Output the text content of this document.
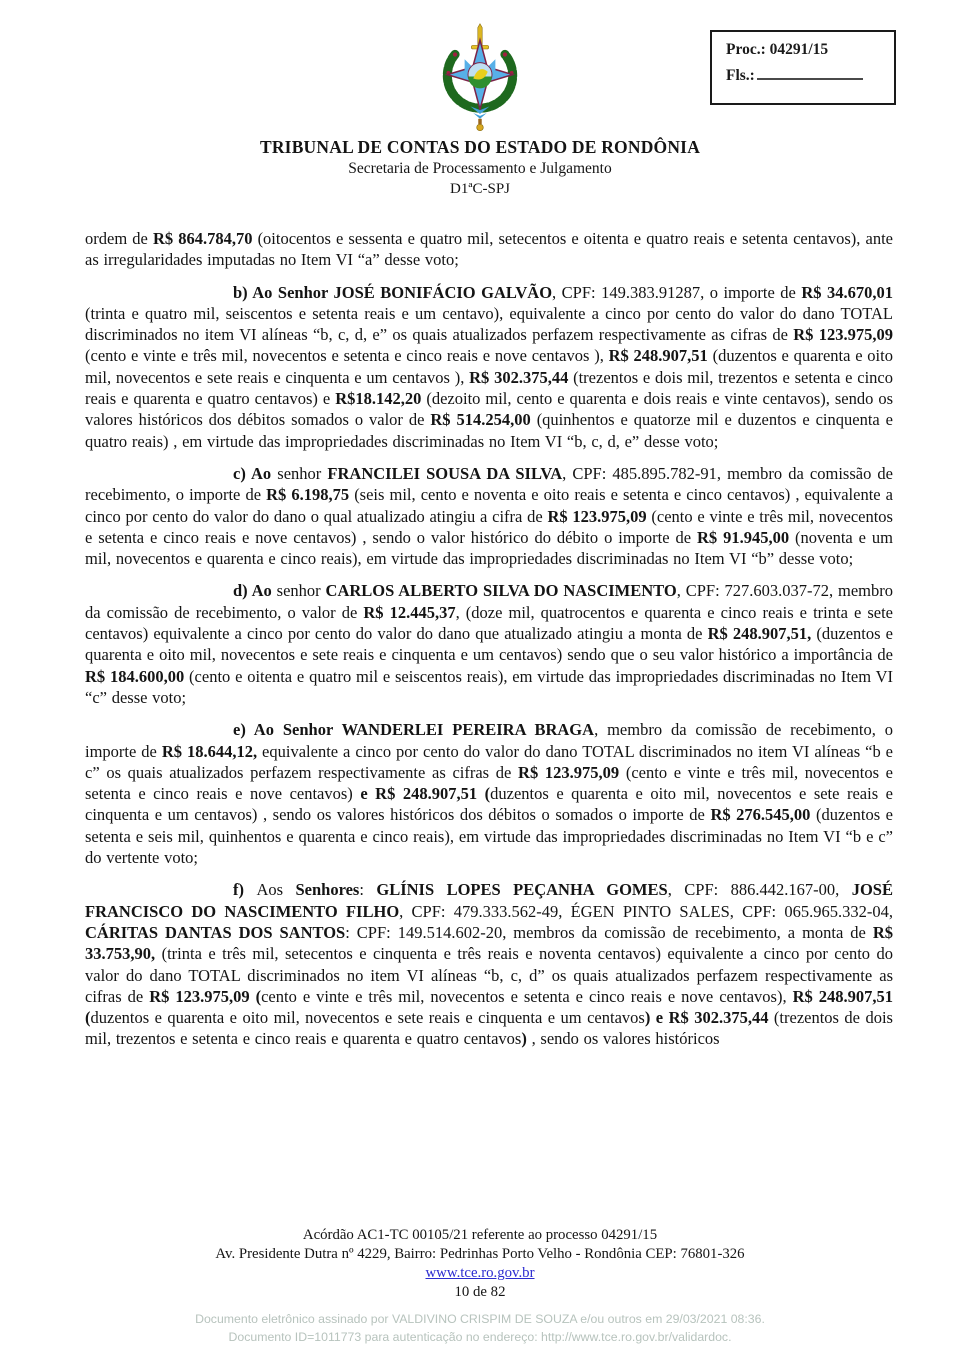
Proc.: 04291/15
Fls.:
TRIBUNAL DE CONTAS DO ESTADO DE RONDÔNIA
Secretaria de Processamento e Julgamento
D1ªC-SPJ

ordem de R$ 864.784,70 (oitocentos e sessenta e quatro mil, setecentos e oitenta e quatro reais e setenta centavos), ante as irregularidades imputadas no Item VI “a” desse voto;

b) Ao Senhor JOSÉ BONIFÁCIO GALVÃO, CPF: 149.383.91287, o importe de R$ 34.670,01 (trinta e quatro mil, seiscentos e setenta reais e um centavo), equivalente a cinco por cento do valor do dano TOTAL discriminados no item VI alíneas “b, c, d, e” os quais atualizados perfazem respectivamente as cifras de R$ 123.975,09 (cento e vinte e três mil, novecentos e setenta e cinco reais e nove centavos ), R$ 248.907,51 (duzentos e quarenta e oito mil, novecentos e sete reais e cinquenta e um centavos ), R$ 302.375,44 (trezentos e dois mil, trezentos e setenta e cinco reais e quarenta e quatro centavos) e R$18.142,20 (dezoito mil, cento e quarenta e dois reais e vinte centavos), sendo os valores históricos dos débitos somados o valor de R$ 514.254,00 (quinhentos e quatorze mil e duzentos e cinquenta e quatro reais) , em virtude das impropriedades discriminadas no Item VI “b, c, d, e” desse voto;

c) Ao senhor FRANCILEI SOUSA DA SILVA, CPF: 485.895.782-91, membro da comissão de recebimento, o importe de R$ 6.198,75 (seis mil, cento e noventa e oito reais e setenta e cinco centavos) , equivalente a cinco por cento do valor do dano o qual atualizado atingiu a cifra de R$ 123.975,09 (cento e vinte e três mil, novecentos e setenta e cinco reais e nove centavos) , sendo o valor histórico do débito o importe de R$ 91.945,00 (noventa e um mil, novecentos e quarenta e cinco reais), em virtude das impropriedades discriminadas no Item VI “b” desse voto;

d) Ao senhor CARLOS ALBERTO SILVA DO NASCIMENTO, CPF: 727.603.037-72, membro da comissão de recebimento, o valor de R$ 12.445,37, (doze mil, quatrocentos e quarenta e cinco reais e trinta e sete centavos) equivalente a cinco por cento do valor do dano que atualizado atingiu a monta de R$ 248.907,51, (duzentos e quarenta e oito mil, novecentos e sete reais e cinquenta e um centavos) sendo que o seu valor histórico a importância de R$ 184.600,00 (cento e oitenta e quatro mil e seiscentos reais), em virtude das impropriedades discriminadas no Item VI “c” desse voto;

e) Ao Senhor WANDERLEI PEREIRA BRAGA, membro da comissão de recebimento, o importe de R$ 18.644,12, equivalente a cinco por cento do valor do dano TOTAL discriminados no item VI alíneas “b e c” os quais atualizados perfazem respectivamente as cifras de R$ 123.975,09 (cento e vinte e três mil, novecentos e setenta e cinco reais e nove centavos) e R$ 248.907,51 (duzentos e quarenta e oito mil, novecentos e sete reais e cinquenta e um centavos) , sendo os valores históricos dos débitos o somados o importe de R$ 276.545,00 (duzentos e setenta e seis mil, quinhentos e quarenta e cinco reais), em virtude das impropriedades discriminadas no Item VI “b e c” do vertente voto;

f) Aos Senhores: GLÍNIS LOPES PEÇANHA GOMES, CPF: 886.442.167-00, JOSÉ FRANCISCO DO NASCIMENTO FILHO, CPF: 479.333.562-49, ÉGEN PINTO SALES, CPF: 065.965.332-04, CÁRITAS DANTAS DOS SANTOS: CPF: 149.514.602-20, membros da comissão de recebimento, a monta de R$ 33.753,90, (trinta e três mil, setecentos e cinquenta e três reais e noventa centavos) equivalente a cinco por cento do valor do dano TOTAL discriminados no item VI alíneas “b, c, d” os quais atualizados perfazem respectivamente as cifras de R$ 123.975,09 (cento e vinte e três mil, novecentos e setenta e cinco reais e nove centavos), R$ 248.907,51 (duzentos e quarenta e oito mil, novecentos e sete reais e cinquenta e um centavos) e R$ 302.375,44 (trezentos de dois mil, trezentos e setenta e cinco reais e quarenta e quatro centavos) , sendo os valores históricos

Acórdão AC1-TC 00105/21 referente ao processo 04291/15
Av. Presidente Dutra nº 4229, Bairro: Pedrinhas Porto Velho - Rondônia CEP: 76801-326
www.tce.ro.gov.br
10 de 82
Documento eletrônico assinado por VALDIVINO CRISPIM DE SOUZA e/ou outros em 29/03/2021 08:36.
Documento ID=1011773 para autenticação no endereço: http://www.tce.ro.gov.br/validardoc.
